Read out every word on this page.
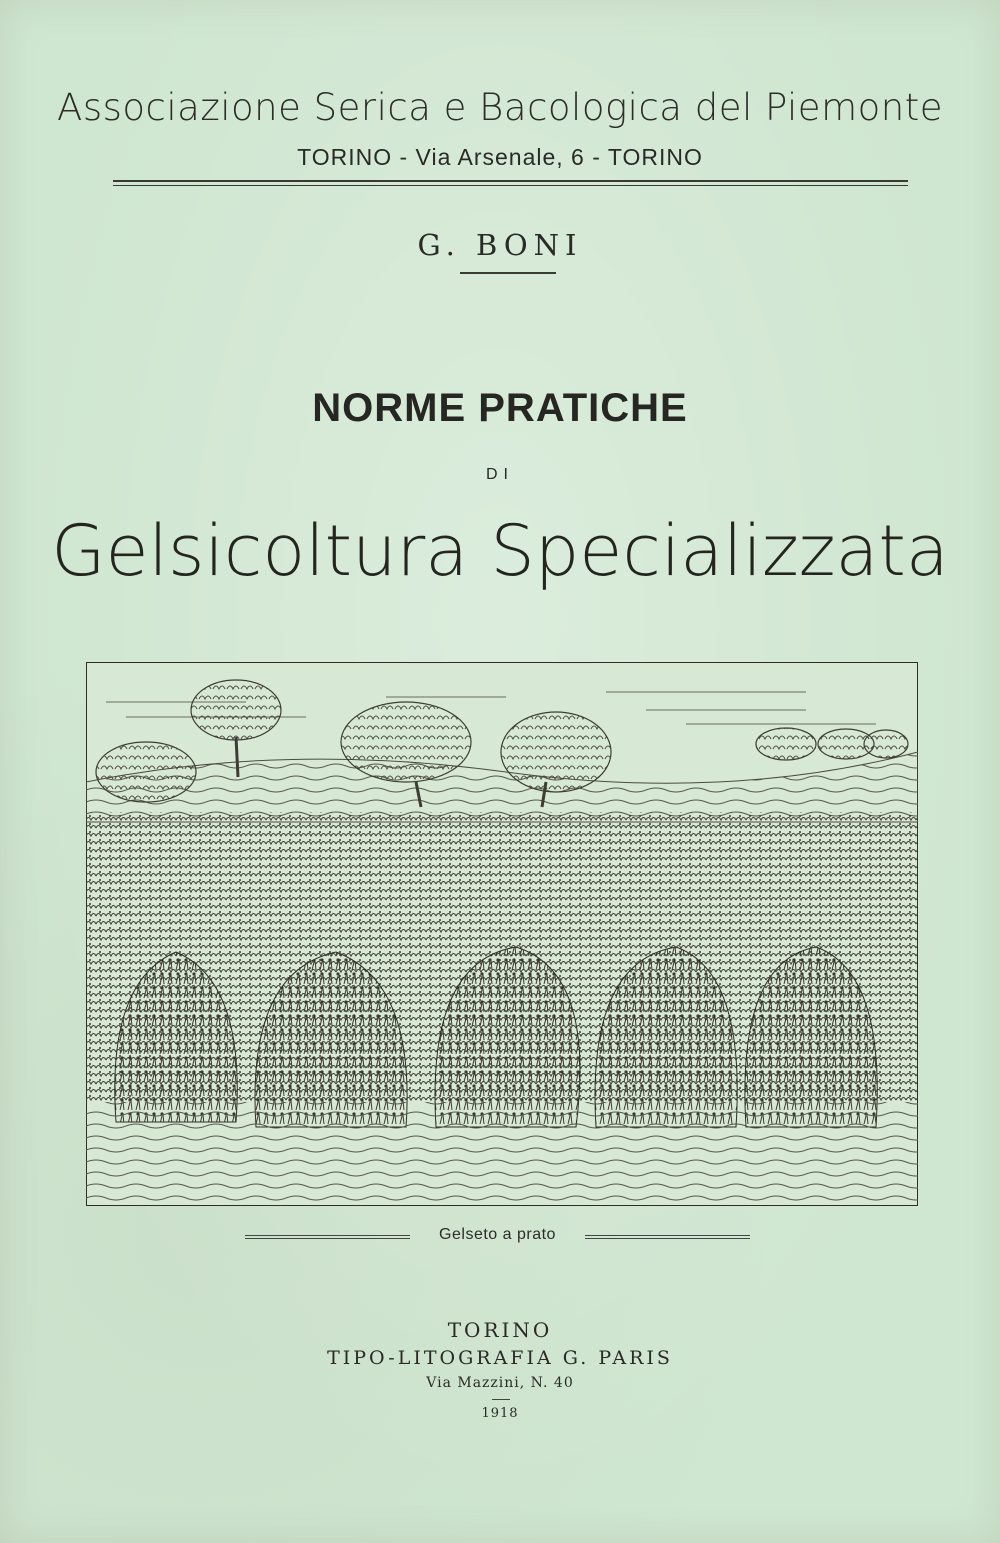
Associazione Serica e Bacologica del Piemonte
TORINO - Via Arsenale, 6 - TORINO
G. BONI
NORME PRATICHE
DI
Gelsicoltura Specializzata
Gelseto a prato
TORINO
TIPO-LITOGRAFIA G. PARIS
Via Mazzini, N. 40
1918
